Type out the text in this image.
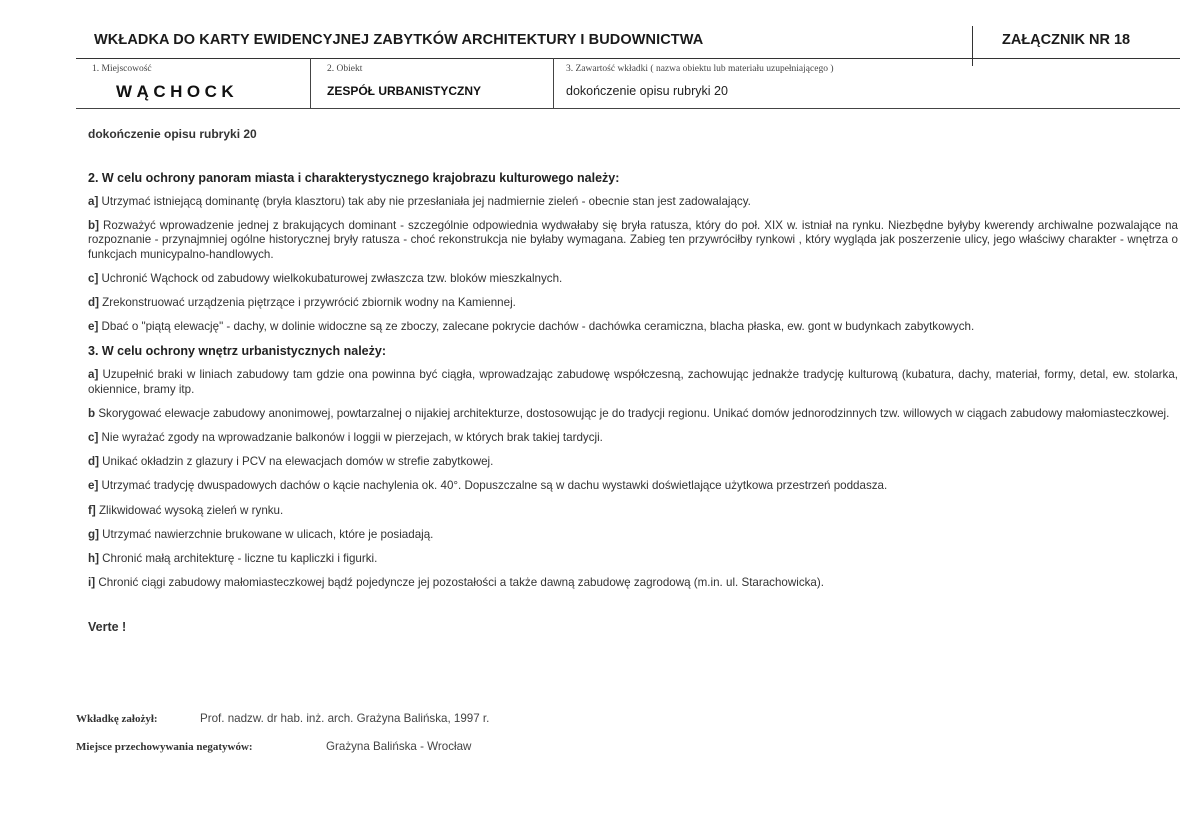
WKŁADKA DO KARTY EWIDENCYJNEJ ZABYTKÓW ARCHITEKTURY I BUDOWNICTWA	ZAŁĄCZNIK NR 18
1. Miejscowość
WĄCHOCK
2. Obiekt
ZESPÓŁ URBANISTYCZNY
3. Zawartość wkładki ( nazwa obiektu lub materiału uzupełniającego )
dokończenie opisu rubryki 20
dokończenie opisu rubryki 20
2. W celu ochrony panoram miasta i charakterystycznego krajobrazu kulturowego należy:

a] Utrzymać istniejącą dominantę (bryła klasztoru) tak aby nie przesłaniała jej nadmiernie zieleń - obecnie stan jest zadowalający.

b] Rozważyć wprowadzenie jednej z brakujących dominant - szczególnie odpowiednia wydwałaby się bryła ratusza, który do poł. XIX w. istniał na rynku. Niezbędne byłyby kwerendy archiwalne pozwalające na rozpoznanie - przynajmniej ogólne historycznej bryły ratusza - choć rekonstrukcja nie byłaby wymagana. Zabieg ten przywróciłby rynkowi , który wygląda jak poszerzenie ulicy, jego właściwy charakter - wnętrza o funkcjach municypalno-handlowych.

c] Uchronić Wąchock od zabudowy wielkokubaturowej zwłaszcza tzw. bloków mieszkalnych.

d] Zrekonstruować urządzenia piętrzące i przywrócić zbiornik wodny na Kamiennej.

e] Dbać o "piątą elewację" - dachy, w dolinie widoczne są ze zboczy, zalecane pokrycie dachów - dachówka ceramiczna, blacha płaska, ew. gont w budynkach zabytkowych.

3. W celu ochrony wnętrz urbanistycznych należy:

a] Uzupełnić braki w liniach zabudowy tam gdzie ona powinna być ciągła, wprowadzając zabudowę współczesną, zachowując jednakże tradycję kulturową (kubatura, dachy, materiał, formy, detal, ew. stolarka, okiennice, bramy itp.

b Skorygować elewacje zabudowy anonimowej, powtarzalnej o nijakiej architekturze, dostosowując je do tradycji regionu. Unikać domów jednorodzinnych tzw. willowych w ciągach zabudowy małomiasteczkowej.

c] Nie wyrażać zgody na wprowadzanie balkonów i loggii w pierzejach, w których brak takiej tardycji.

d] Unikać okładzin z glazury i PCV na elewacjach domów w strefie zabytkowej.

e] Utrzymać tradycję dwuspadowych dachów o kącie nachylenia ok. 40°. Dopuszczalne są w dachu wystawki doświetlające użytkowa przestrzeń poddasza.

f] Zlikwidować wysoką zieleń w rynku.

g] Utrzymać nawierzchnie brukowane w ulicach, które je posiadają.

h] Chronić małą architekturę - liczne tu kapliczki i figurki.

i] Chronić ciągi zabudowy małomiasteczkowej bądź pojedyncze jej pozostałości a także dawną zabudowę zagrodową (m.in. ul. Starachowicka).

Verte !
Wkładkę założył:	Prof. nadzw. dr hab. inż. arch. Grażyna Balińska, 1997 r.
Miejsce przechowywania negatywów:	Grażyna Balińska - Wrocław
